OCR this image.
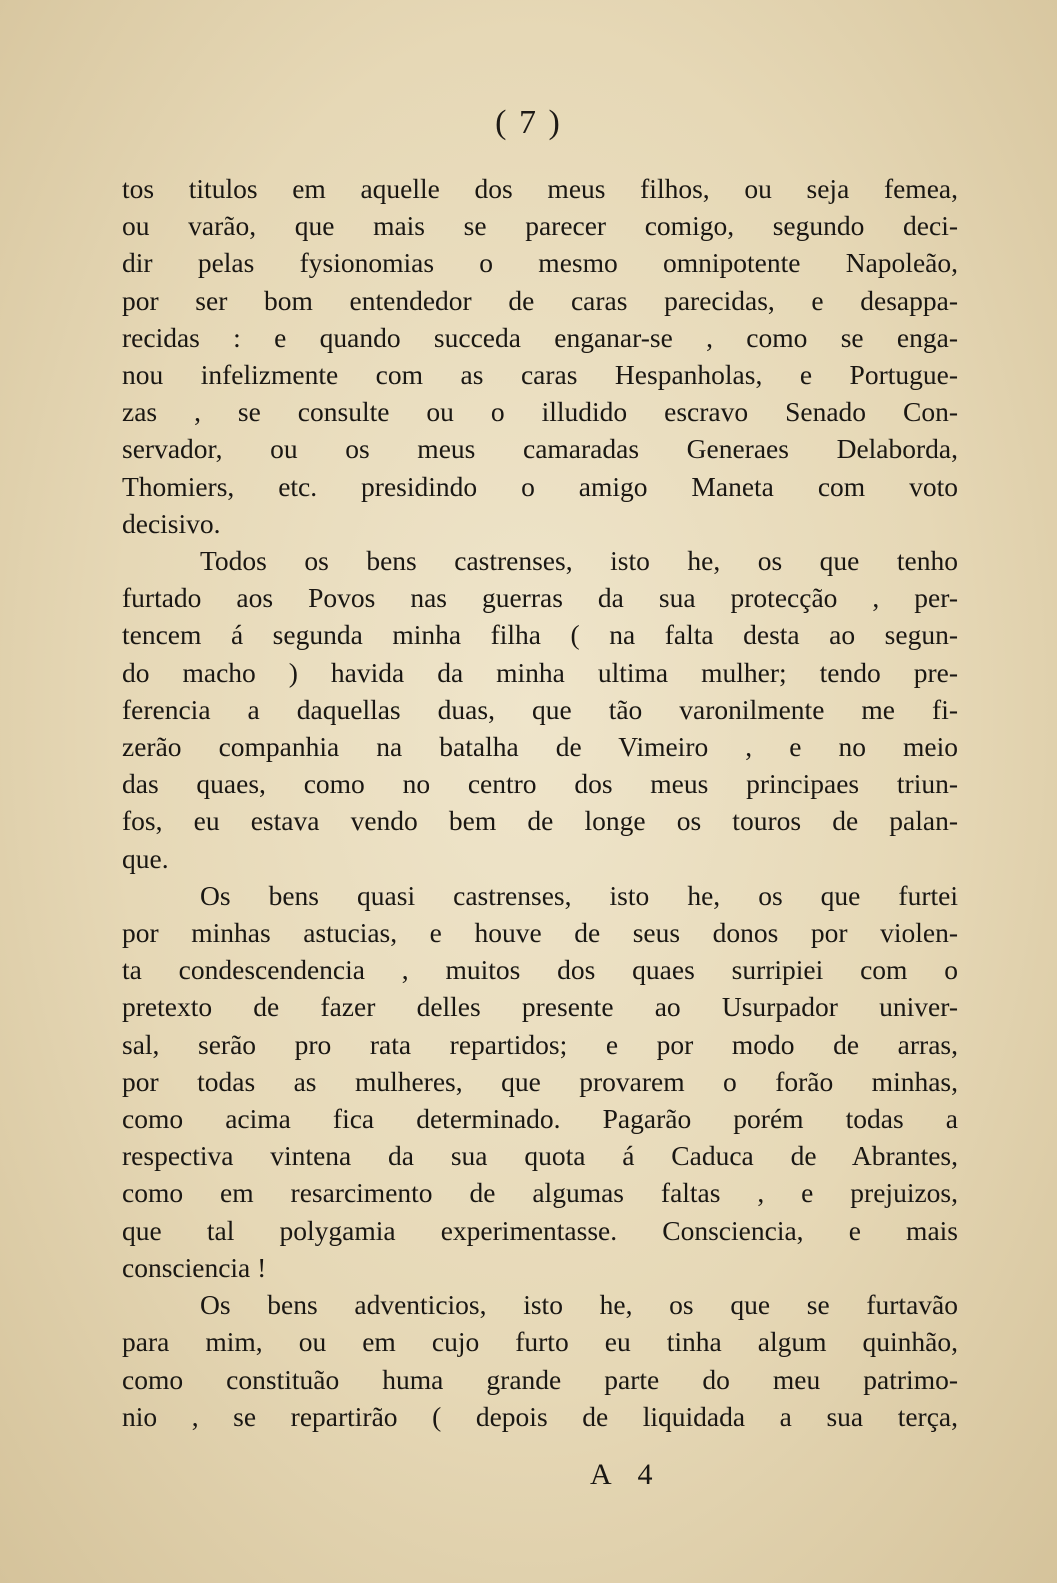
( 7 )
tos titulos em aquelle dos meus filhos, ou seja femea,
ou varão, que mais se parecer comigo, segundo deci-
dir pelas fysionomias o mesmo omnipotente Napoleão,
por ser bom entendedor de caras parecidas, e desappa-
recidas : e quando succeda enganar-se , como se enga-
nou infelizmente com as caras Hespanholas, e Portugue-
zas , se consulte ou o illudido escravo Senado Con-
servador, ou os meus camaradas Generaes Delaborda,
Thomiers, etc. presidindo o amigo Maneta com voto
decisivo.
Todos os bens castrenses, isto he, os que tenho
furtado aos Povos nas guerras da sua protecção , per-
tencem á segunda minha filha ( na falta desta ao segun-
do macho ) havida da minha ultima mulher; tendo pre-
ferencia a daquellas duas, que tão varonilmente me fi-
zerão companhia na batalha de Vimeiro , e no meio
das quaes, como no centro dos meus principaes triun-
fos, eu estava vendo bem de longe os touros de palan-
que.
Os bens quasi castrenses, isto he, os que furtei
por minhas astucias, e houve de seus donos por violen-
ta condescendencia , muitos dos quaes surripiei com o
pretexto de fazer delles presente ao Usurpador univer-
sal, serão pro rata repartidos; e por modo de arras,
por todas as mulheres, que provarem o forão minhas,
como acima fica determinado. Pagarão porém todas a
respectiva vintena da sua quota á Caduca de Abrantes,
como em resarcimento de algumas faltas , e prejuizos,
que tal polygamia experimentasse. Consciencia, e mais
consciencia !
Os bens adventicios, isto he, os que se furtavão
para mim, ou em cujo furto eu tinha algum quinhão,
como constituão huma grande parte do meu patrimo-
nio , se repartirão ( depois de liquidada a sua terça,
A 4
